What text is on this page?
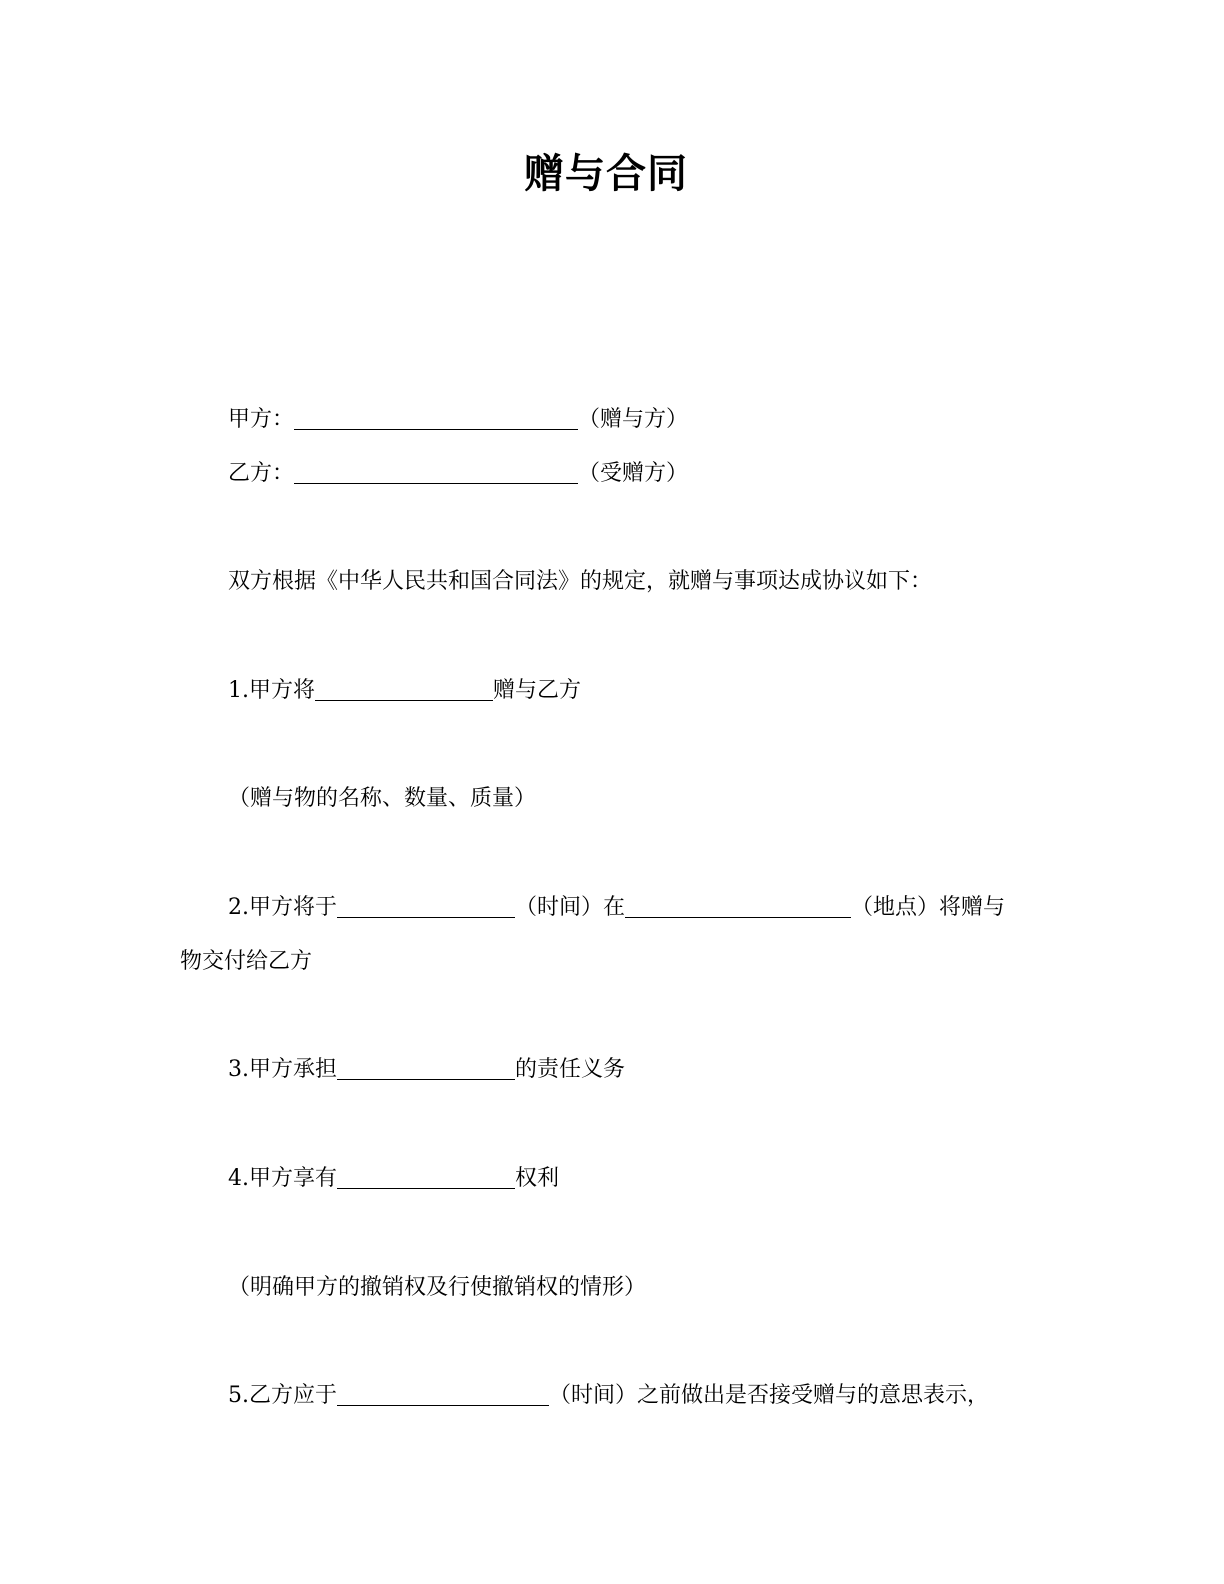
赠与合同
甲方：	（赠与方）
乙方：	（受赠方）
双方根据《中华人民共和国合同法》的规定，就赠与事项达成协议如下：
1.甲方将	赠与乙方
（赠与物的名称、数量、质量）
2.甲方将于	（时间）在	（地点）将赠与
物交付给乙方
3.甲方承担	的责任义务
4.甲方享有	权利
（明确甲方的撤销权及行使撤销权的情形）
5.乙方应于	（时间）之前做出是否接受赠与的意思表示，
